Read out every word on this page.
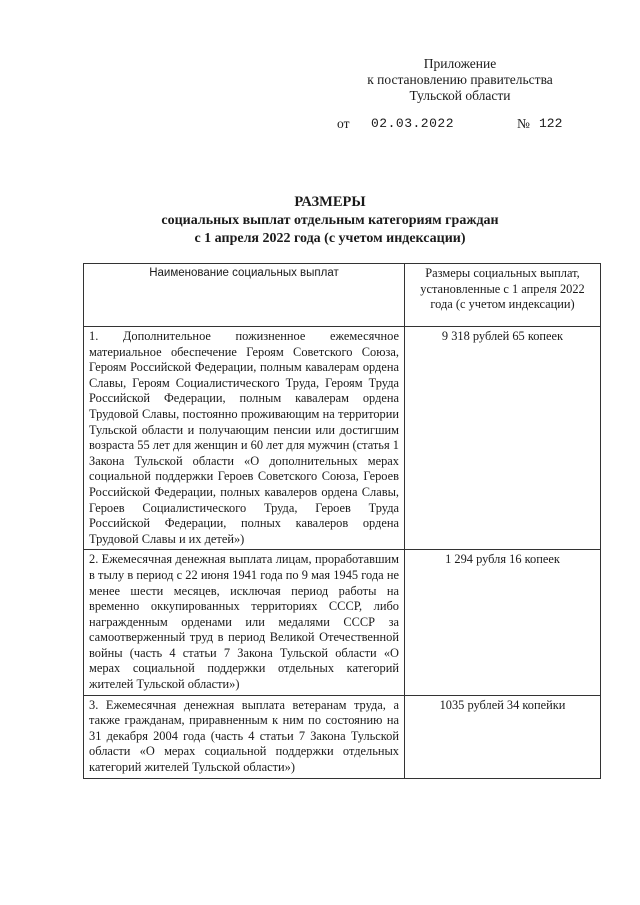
Приложение
к постановлению правительства
Тульской области
от 02.03.2022	№ 122
РАЗМЕРЫ
социальных выплат отдельным категориям граждан
с 1 апреля 2022 года (с учетом индексации)
Наименование социальных выплат	Размеры социальных выплат, установленные с 1 апреля 2022 года (с учетом индексации)
1. Дополнительное пожизненное ежемесячное материальное обеспечение Героям Советского Союза, Героям Российской Федерации, полным кавалерам ордена Славы, Героям Социалистического Труда, Героям Труда Российской Федерации, полным кавалерам ордена Трудовой Славы, постоянно проживающим на территории Тульской области и получающим пенсии или достигшим возраста 55 лет для женщин и 60 лет для мужчин (статья 1 Закона Тульской области «О дополнительных мерах социальной поддержки Героев Советского Союза, Героев Российской Федерации, полных кавалеров ордена Славы, Героев Социалистического Труда, Героев Труда Российской Федерации, полных кавалеров ордена Трудовой Славы и их детей»)	9 318 рублей 65 копеек
2. Ежемесячная денежная выплата лицам, проработавшим в тылу в период с 22 июня 1941 года по 9 мая 1945 года не менее шести месяцев, исключая период работы на временно оккупированных территориях СССР, либо награжденным орденами или медалями СССР за самоотверженный труд в период Великой Отечественной войны (часть 4 статьи 7 Закона Тульской области «О мерах социальной поддержки отдельных категорий жителей Тульской области»)	1 294 рубля 16 копеек
3. Ежемесячная денежная выплата ветеранам труда, а также гражданам, приравненным к ним по состоянию на 31 декабря 2004 года (часть 4 статьи 7 Закона Тульской области «О мерах социальной поддержки отдельных категорий жителей Тульской области»)	1035 рублей 34 копейки
